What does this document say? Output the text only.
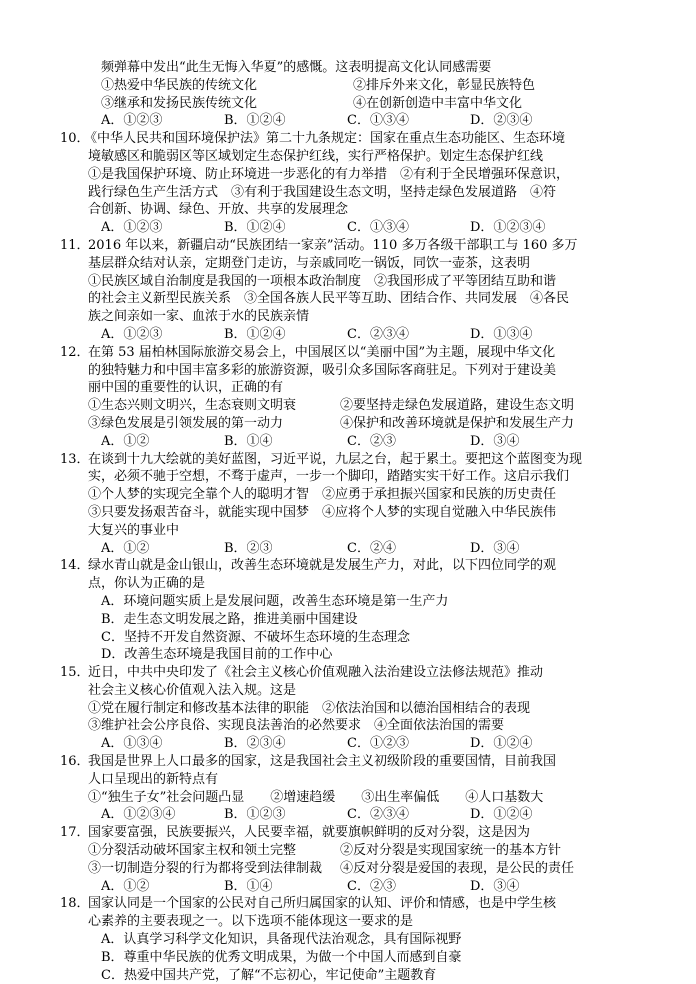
频弹幕中发出“此生无悔入华夏”的感慨。这表明提高文化认同感需要
①热爱中华民族的传统文化	②排斥外来文化，彰显民族特色
③继承和发扬民族传统文化	④在创新创造中丰富中华文化
A．①②③	B．①②④	C．①③④	D．②③④
10．
《中华人民共和国环境保护法》第二十九条规定：国家在重点生态功能区、生态环境
境敏感区和脆弱区等区域划定生态保护红线，实行严格保护。划定生态保护红线
①是我国保护环境、防止环境进一步恶化的有力举措　②有利于全民增强环保意识，
践行绿色生产生活方式　③有利于我国建设生态文明，坚持走绿色发展道路　④符
合创新、协调、绿色、开放、共享的发展理念
A．①②③	B．①②④	C．①③④	D．①②③④
11．
2016 年以来，新疆启动“民族团结一家亲”活动。110 多万各级干部职工与 160 多万
基层群众结对认亲，定期登门走访，与亲戚同吃一锅饭，同饮一壶茶，这表明
①民族区域自治制度是我国的一项根本政治制度　②我国形成了平等团结互助和谐
的社会主义新型民族关系　③全国各族人民平等互助、团结合作、共同发展　④各民
族之间亲如一家、血浓于水的民族亲情
A．①②③	B．①②④	C．②③④	D．①③④
12．
在第 53 届柏林国际旅游交易会上，中国展区以“美丽中国”为主题，展现中华文化
的独特魅力和中国丰富多彩的旅游资源，吸引众多国际客商驻足。下列对于建设美
丽中国的重要性的认识，正确的有
①生态兴则文明兴，生态衰则文明衰	②要坚持走绿色发展道路，建设生态文明
③绿色发展是引领发展的第一动力	④保护和改善环境就是保护和发展生产力
A．①②	B．①④	C．②③	D．③④
13．
在谈到十九大绘就的美好蓝图，习近平说，九层之台，起于累土。要把这个蓝图变为现
实，必须不驰于空想，不骛于虚声，一步一个脚印，踏踏实实干好工作。这启示我们
①个人梦的实现完全靠个人的聪明才智　②应勇于承担振兴国家和民族的历史责任
③只要发扬艰苦奋斗，就能实现中国梦　④应将个人梦的实现自觉融入中华民族伟
大复兴的事业中
A．①②	B．②③	C．②④	D．③④
14．
绿水青山就是金山银山，改善生态环境就是发展生产力，对此，以下四位同学的观
点，你认为正确的是
A．环境问题实质上是发展问题，改善生态环境是第一生产力
B．走生态文明发展之路，推进美丽中国建设
C．坚持不开发自然资源、不破坏生态环境的生态理念
D．改善生态环境是我国目前的工作中心
15．
近日，中共中央印发了《社会主义核心价值观融入法治建设立法修法规范》推动
社会主义核心价值观入法入规。这是
①党在履行制定和修改基本法律的职能　②依法治国和以德治国相结合的表现
③维护社会公序良俗、实现良法善治的必然要求　④全面依法治国的需要
A．①③④	B．②③④	C．①②③	D．①②④
16．
我国是世界上人口最多的国家，这是我国社会主义初级阶段的重要国情，目前我国
人口呈现出的新特点有
①“独生子女”社会问题凸显　　②增速趋缓　　③出生率偏低　　④人口基数大
A．①②③④	B．①②③	C．②③④	D．①②④
17．
国家要富强，民族要振兴，人民要幸福，就要旗帜鲜明的反对分裂，这是因为
①分裂活动破坏国家主权和领土完整	②反对分裂是实现国家统一的基本方针
③一切制造分裂的行为都将受到法律制裁	④反对分裂是爱国的表现，是公民的责任
A．①②	B．①④	C．②③	D．③④
18．
国家认同是一个国家的公民对自己所归属国家的认知、评价和情感，也是中学生核
心素养的主要表现之一。以下选项不能体现这一要求的是
A．认真学习科学文化知识，具备现代法治观念，具有国际视野
B．尊重中华民族的优秀文明成果，为做一个中国人而感到自豪
C．热爱中国共产党，了解“不忘初心，牢记使命”主题教育
